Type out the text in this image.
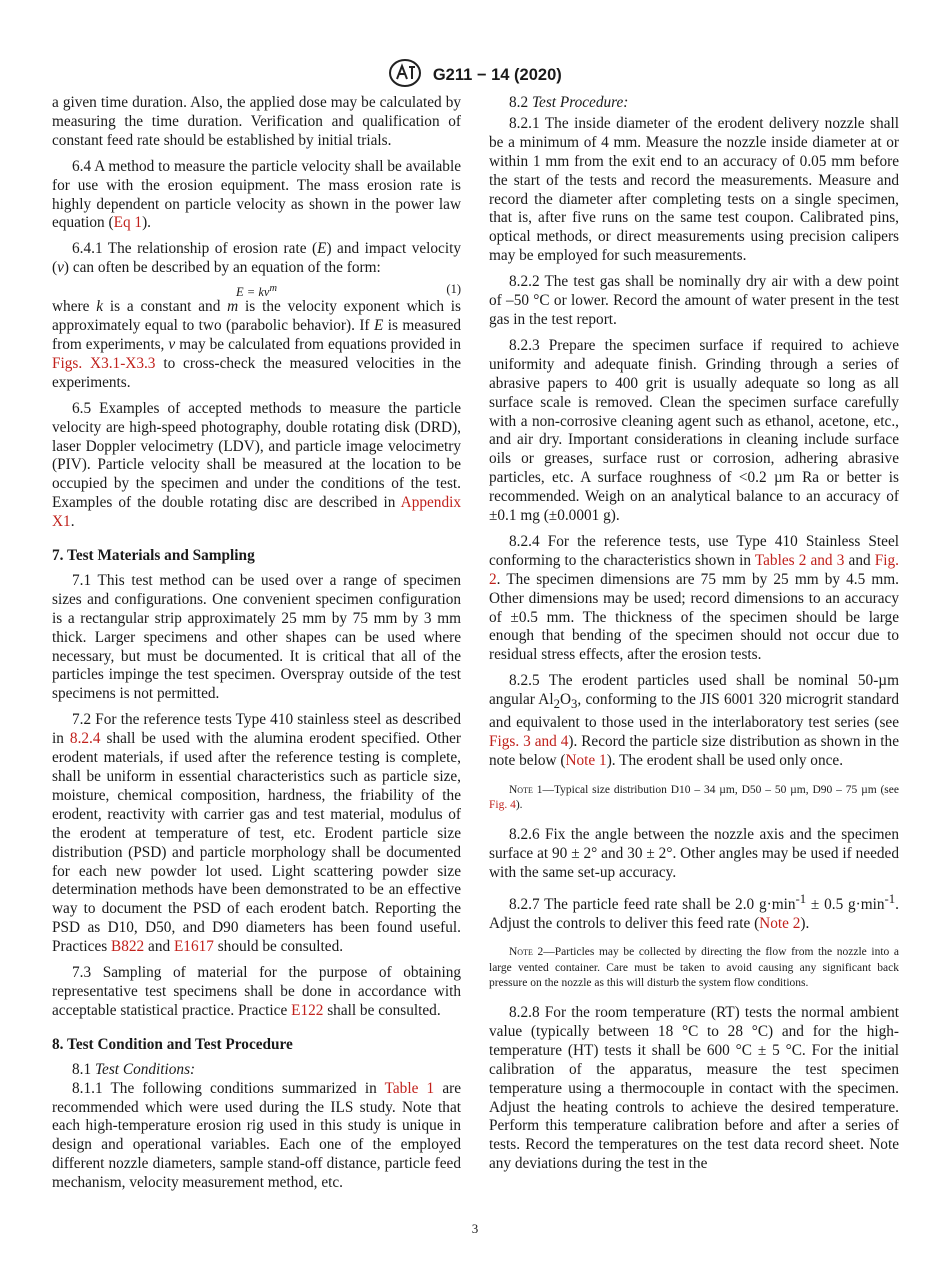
G211 − 14 (2020)

a given time duration. Also, the applied dose may be calculated by measuring the time duration. Verification and qualification of constant feed rate should be established by initial trials.

6.4 A method to measure the particle velocity shall be available for use with the erosion equipment. The mass erosion rate is highly dependent on particle velocity as shown in the power law equation (Eq 1).

6.4.1 The relationship of erosion rate (E) and impact velocity (v) can often be described by an equation of the form:

$E = kv^m$	(1)

where k is a constant and m is the velocity exponent which is approximately equal to two (parabolic behavior). If E is measured from experiments, v may be calculated from equations provided in Figs. X3.1-X3.3 to cross-check the measured velocities in the experiments.

6.5 Examples of accepted methods to measure the particle velocity are high-speed photography, double rotating disk (DRD), laser Doppler velocimetry (LDV), and particle image velocimetry (PIV). Particle velocity shall be measured at the location to be occupied by the specimen and under the conditions of the test. Examples of the double rotating disc are described in Appendix X1.

7. Test Materials and Sampling

7.1 This test method can be used over a range of specimen sizes and configurations. One convenient specimen configuration is a rectangular strip approximately 25 mm by 75 mm by 3 mm thick. Larger specimens and other shapes can be used where necessary, but must be documented. It is critical that all of the particles impinge the test specimen. Overspray outside of the test specimens is not permitted.

7.2 For the reference tests Type 410 stainless steel as described in 8.2.4 shall be used with the alumina erodent specified. Other erodent materials, if used after the reference testing is complete, shall be uniform in essential characteristics such as particle size, moisture, chemical composition, hardness, the friability of the erodent, reactivity with carrier gas and test material, modulus of the erodent at temperature of test, etc. Erodent particle size distribution (PSD) and particle morphology shall be documented for each new powder lot used. Light scattering powder size determination methods have been demonstrated to be an effective way to document the PSD of each erodent batch. Reporting the PSD as D10, D50, and D90 diameters has been found useful. Practices B822 and E1617 should be consulted.

7.3 Sampling of material for the purpose of obtaining representative test specimens shall be done in accordance with acceptable statistical practice. Practice E122 shall be consulted.

8. Test Condition and Test Procedure

8.1 Test Conditions:

8.1.1 The following conditions summarized in Table 1 are recommended which were used during the ILS study. Note that each high-temperature erosion rig used in this study is unique in design and operational variables. Each one of the employed different nozzle diameters, sample stand-off distance, particle feed mechanism, velocity measurement method, etc.

8.2 Test Procedure:

8.2.1 The inside diameter of the erodent delivery nozzle shall be a minimum of 4 mm. Measure the nozzle inside diameter at or within 1 mm from the exit end to an accuracy of 0.05 mm before the start of the tests and record the measurements. Measure and record the diameter after completing tests on a single specimen, that is, after five runs on the same test coupon. Calibrated pins, optical methods, or direct measurements using precision calipers may be employed for such measurements.

8.2.2 The test gas shall be nominally dry air with a dew point of –50 °C or lower. Record the amount of water present in the test gas in the test report.

8.2.3 Prepare the specimen surface if required to achieve uniformity and adequate finish. Grinding through a series of abrasive papers to 400 grit is usually adequate so long as all surface scale is removed. Clean the specimen surface carefully with a non-corrosive cleaning agent such as ethanol, acetone, etc., and air dry. Important considerations in cleaning include surface oils or greases, surface rust or corrosion, adhering abrasive particles, etc. A surface roughness of <0.2 µm Ra or better is recommended. Weigh on an analytical balance to an accuracy of ±0.1 mg (±0.0001 g).

8.2.4 For the reference tests, use Type 410 Stainless Steel conforming to the characteristics shown in Tables 2 and 3 and Fig. 2. The specimen dimensions are 75 mm by 25 mm by 4.5 mm. Other dimensions may be used; record dimensions to an accuracy of ±0.5 mm. The thickness of the specimen should be large enough that bending of the specimen should not occur due to residual stress effects, after the erosion tests.

8.2.5 The erodent particles used shall be nominal 50-µm angular $Al_2O_3$, conforming to the JIS 6001 320 microgrit standard and equivalent to those used in the interlaboratory test series (see Figs. 3 and 4). Record the particle size distribution as shown in the note below (Note 1). The erodent shall be used only once.

Note 1—Typical size distribution D10 – 34 µm, D50 – 50 µm, D90 – 75 µm (see Fig. 4).

8.2.6 Fix the angle between the nozzle axis and the specimen surface at 90 ± 2° and 30 ± 2°. Other angles may be used if needed with the same set-up accuracy.

8.2.7 The particle feed rate shall be 2.0 $g\cdot\min^{-1} \pm 0.5$ $g\cdot\min^{-1}$. Adjust the controls to deliver this feed rate (Note 2).

Note 2—Particles may be collected by directing the flow from the nozzle into a large vented container. Care must be taken to avoid causing any significant back pressure on the nozzle as this will disturb the system flow conditions.

8.2.8 For the room temperature (RT) tests the normal ambient value (typically between 18 °C to 28 °C) and for the high-temperature (HT) tests it shall be 600 °C ± 5 °C. For the initial calibration of the apparatus, measure the test specimen temperature using a thermocouple in contact with the specimen. Adjust the heating controls to achieve the desired temperature. Perform this temperature calibration before and after a series of tests. Record the temperatures on the test data record sheet. Note any deviations during the test in the

3
